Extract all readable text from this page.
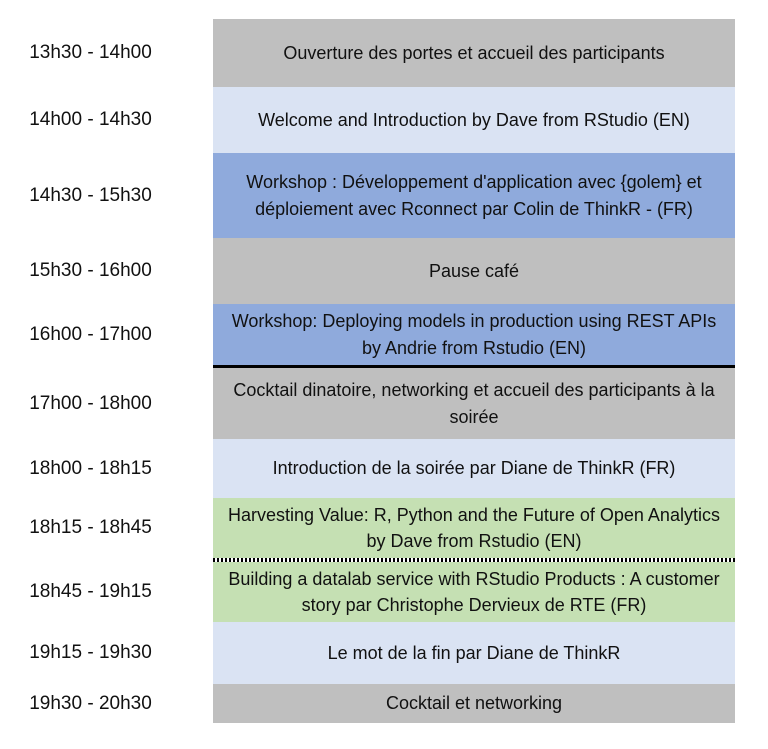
13h30 - 14h00	Ouverture des portes et accueil des participants
14h00 - 14h30	Welcome and Introduction by Dave from RStudio (EN)
14h30 - 15h30
Workshop : Développement d'application avec {golem} et déploiement avec Rconnect par Colin de ThinkR - (FR)
15h30 - 16h00	Pause café
16h00 - 17h00
Workshop: Deploying models in production using REST APIs by Andrie from Rstudio (EN)
17h00 - 18h00
Cocktail dinatoire, networking et accueil des participants à la soirée
18h00 - 18h15	Introduction de la soirée par Diane de ThinkR (FR)
18h15 - 18h45
Harvesting Value: R, Python and the Future of Open Analytics by Dave from Rstudio (EN)
18h45 - 19h15
Building a datalab service with RStudio Products : A customer story par Christophe Dervieux de RTE (FR)
19h15 - 19h30	Le mot de la fin par Diane de ThinkR
19h30 - 20h30	Cocktail et networking
